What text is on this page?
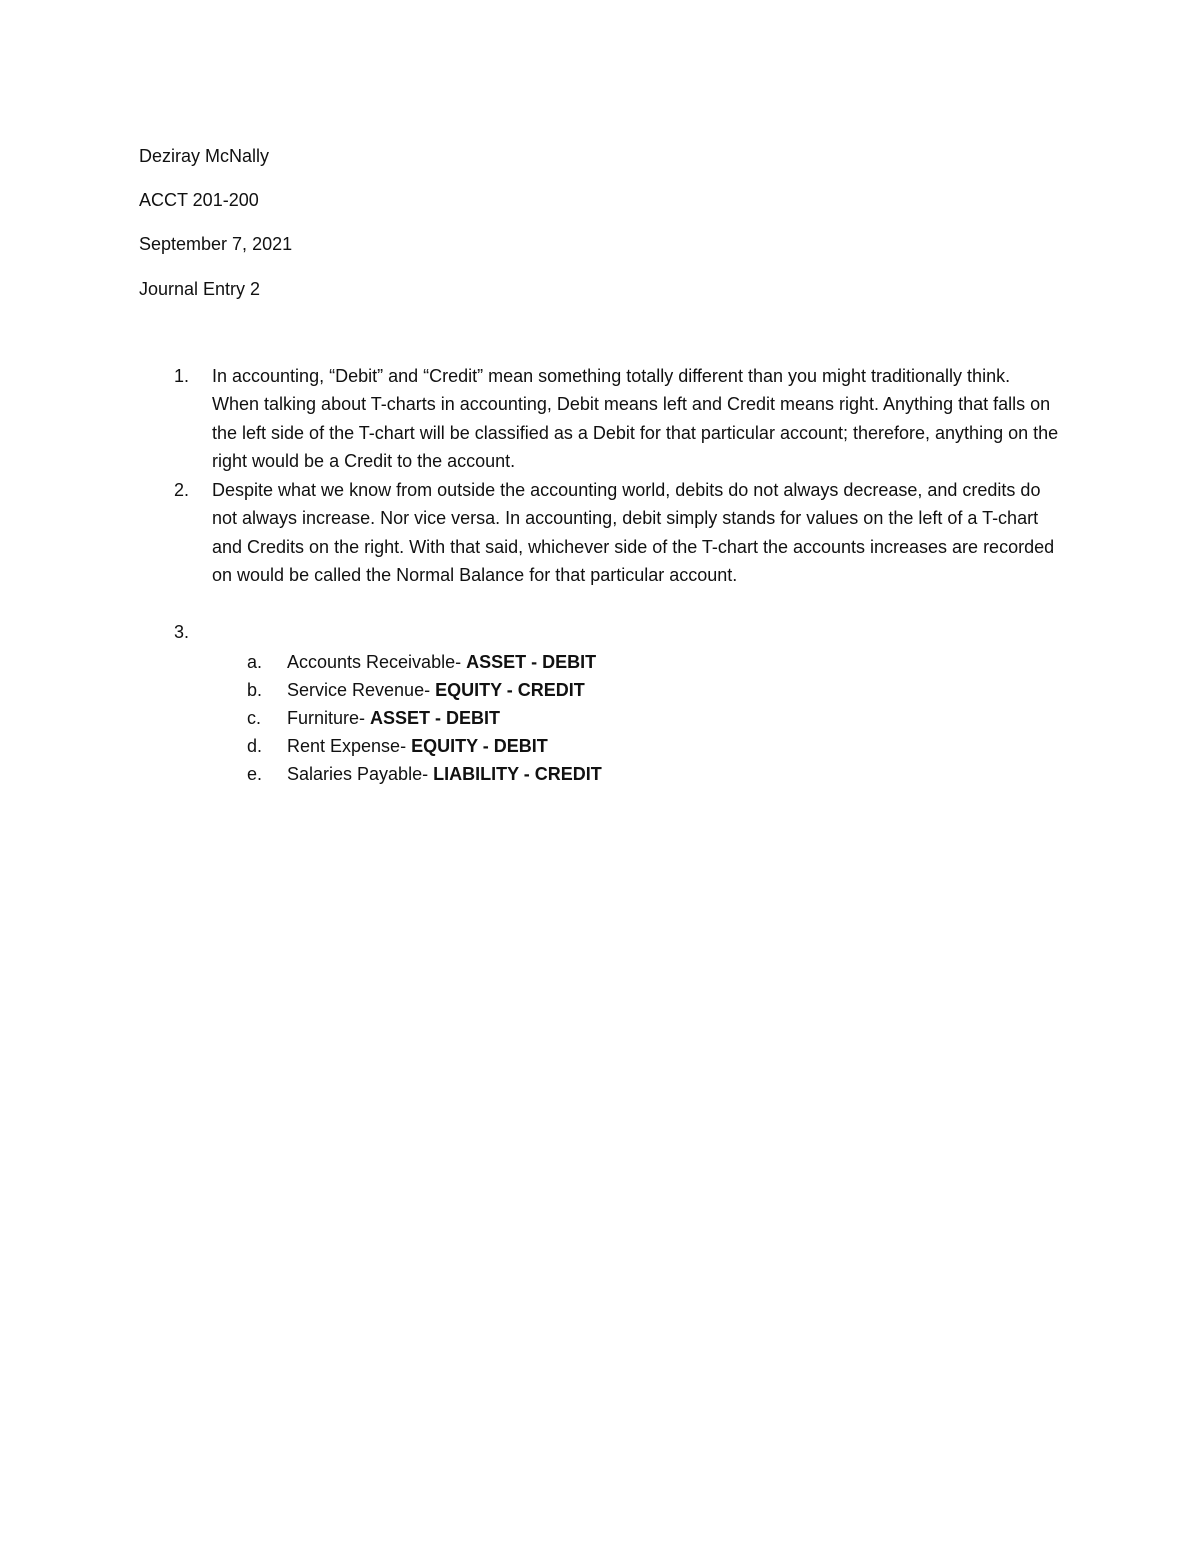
Deziray McNally
ACCT 201-200
September 7, 2021
Journal Entry 2
1.	In accounting, “Debit” and “Credit” mean something totally different than you might traditionally think. When talking about T-charts in accounting, Debit means left and Credit means right. Anything that falls on the left side of the T-chart will be classified as a Debit for that particular account; therefore, anything on the right would be a Credit to the account.
2.	Despite what we know from outside the accounting world, debits do not always decrease, and credits do not always increase. Nor vice versa. In accounting, debit simply stands for values on the left of a T-chart and Credits on the right. With that said, whichever side of the T-chart the accounts increases are recorded on would be called the Normal Balance for that particular account.
3.
a. Accounts Receivable- ASSET - DEBIT
b. Service Revenue- EQUITY - CREDIT
c. Furniture- ASSET - DEBIT
d. Rent Expense- EQUITY - DEBIT
e. Salaries Payable- LIABILITY - CREDIT
